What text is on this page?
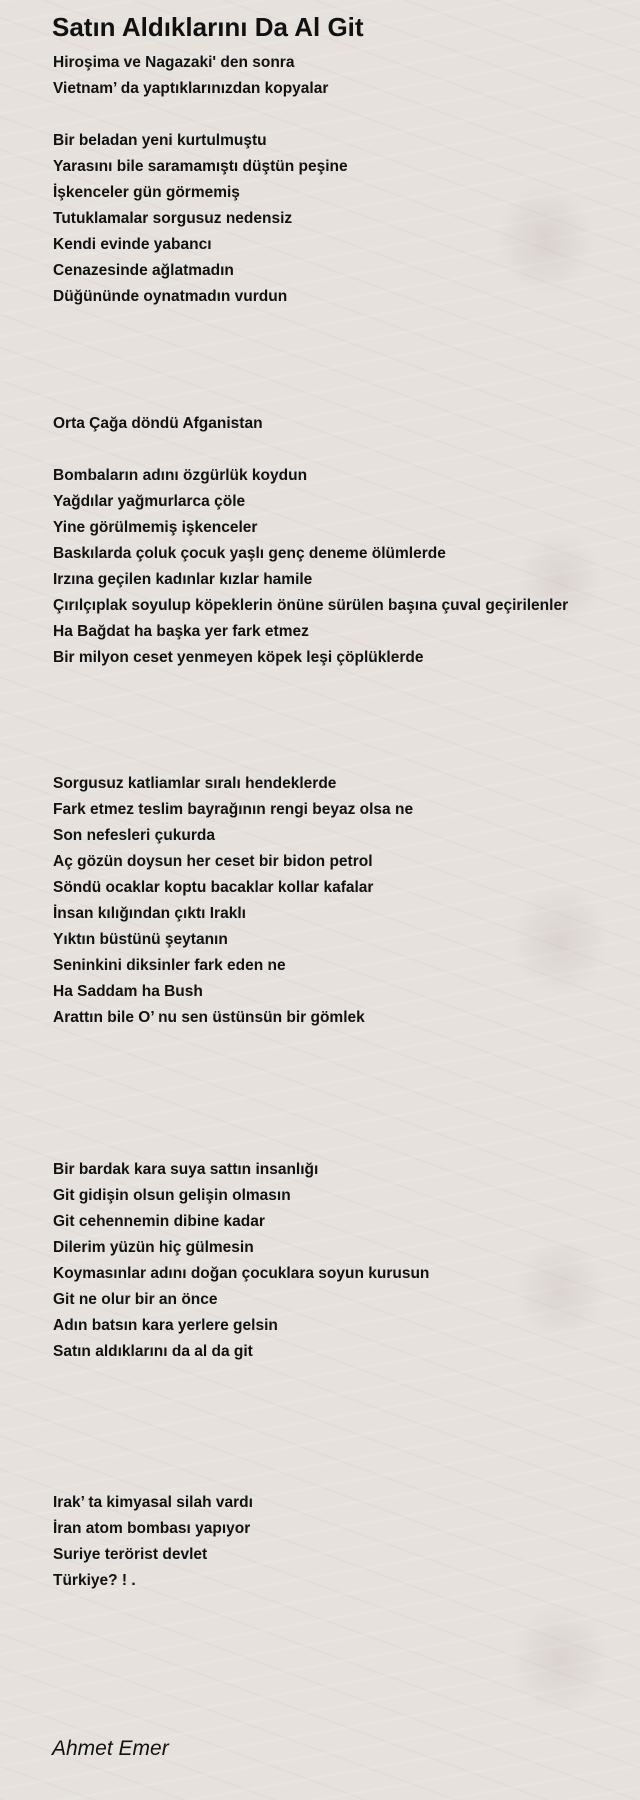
Satın Aldıklarını Da Al Git
Hiroşima ve Nagazaki' den sonra
Vietnam’ da yaptıklarınızdan kopyalar
Bir beladan yeni kurtulmuştu
Yarasını bile saramamıştı düştün peşine
İşkenceler gün görmemiş
Tutuklamalar sorgusuz nedensiz
Kendi evinde yabancı
Cenazesinde ağlatmadın
Düğününde oynatmadın vurdun
Orta Çağa döndü Afganistan
Bombaların adını özgürlük koydun
Yağdılar yağmurlarca çöle
Yine görülmemiş işkenceler
Baskılarda çoluk çocuk yaşlı genç deneme ölümlerde
Irzına geçilen kadınlar kızlar hamile
Çırılçıplak soyulup köpeklerin önüne sürülen başına çuval geçirilenler
Ha Bağdat ha başka yer fark etmez
Bir milyon ceset yenmeyen köpek leşi çöplüklerde
Sorgusuz katliamlar sıralı hendeklerde
Fark etmez teslim bayrağının rengi beyaz olsa ne
Son nefesleri çukurda
Aç gözün doysun her ceset bir bidon petrol
Söndü ocaklar koptu bacaklar kollar kafalar
İnsan kılığından çıktı Iraklı
Yıktın büstünü şeytanın
Seninkini diksinler fark eden ne
Ha Saddam ha Bush
Arattın bile O’ nu sen üstünsün bir gömlek
Bir bardak kara suya sattın insanlığı
Git gidişin olsun gelişin olmasın
Git cehennemin dibine kadar
Dilerim yüzün hiç gülmesin
Koymasınlar adını doğan çocuklara soyun kurusun
Git ne olur bir an önce
Adın batsın kara yerlere gelsin
Satın aldıklarını da al da git
Irak’ ta kimyasal silah vardı
İran atom bombası yapıyor
Suriye terörist devlet
Türkiye? ! .
Ahmet Emer
